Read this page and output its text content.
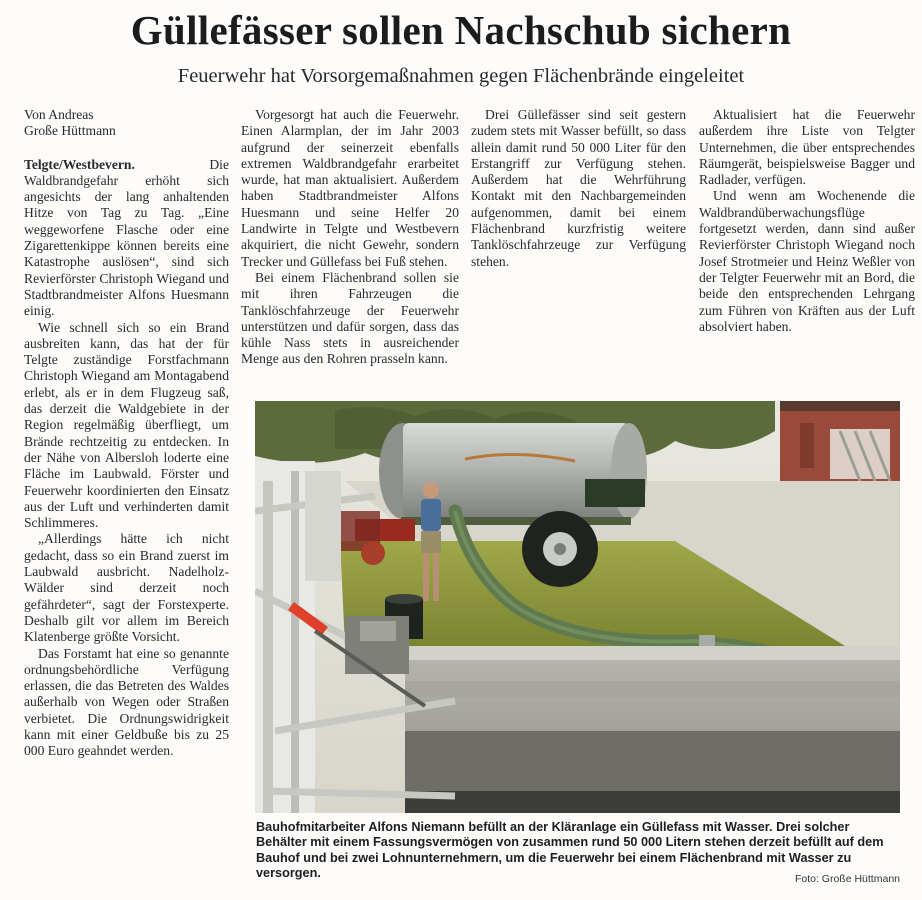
Güllefässer sollen Nachschub sichern
Feuerwehr hat Vorsorgemaßnahmen gegen Flächenbrände eingeleitet

Von Andreas
Große Hüttmann

Telgte/Westbevern. Die Waldbrandgefahr erhöht sich angesichts der lang anhaltenden Hitze von Tag zu Tag. „Eine weggeworfene Flasche oder eine Zigarettenkippe können bereits eine Katastrophe auslösen“, sind sich Revierförster Christoph Wiegand und Stadtbrandmeister Alfons Huesmann einig.

Wie schnell sich so ein Brand ausbreiten kann, das hat der für Telgte zuständige Forstfachmann Christoph Wiegand am Montagabend erlebt, als er in dem Flugzeug saß, das derzeit die Waldgebiete in der Region regelmäßig überfliegt, um Brände rechtzeitig zu entdecken. In der Nähe von Albersloh loderte eine Fläche im Laubwald. Förster und Feuerwehr koordinierten den Einsatz aus der Luft und verhinderten damit Schlimmeres.

„Allerdings hätte ich nicht gedacht, dass so ein Brand zuerst im Laubwald ausbricht. Nadelholz-Wälder sind derzeit noch gefährdeter“, sagt der Forstexperte. Deshalb gilt vor allem im Bereich Klatenberge größte Vorsicht.

Das Forstamt hat eine so genannte ordnungsbehördliche Verfügung erlassen, die das Betreten des Waldes außerhalb von Wegen oder Straßen verbietet. Die Ordnungswidrigkeit kann mit einer Geldbuße bis zu 25 000 Euro geahndet werden.

Vorgesorgt hat auch die Feuerwehr. Einen Alarmplan, der im Jahr 2003 aufgrund der seinerzeit ebenfalls extremen Waldbrandgefahr erarbeitet wurde, hat man aktualisiert. Außerdem haben Stadtbrandmeister Alfons Huesmann und seine Helfer 20 Landwirte in Telgte und Westbevern akquiriert, die nicht Gewehr, sondern Trecker und Güllefass bei Fuß stehen.

Bei einem Flächenbrand sollen sie mit ihren Fahrzeugen die Tanklöschfahrzeuge der Feuerwehr unterstützen und dafür sorgen, dass das kühle Nass stets in ausreichender Menge aus den Rohren prasseln kann.

Drei Güllefässer sind seit gestern zudem stets mit Wasser befüllt, so dass allein damit rund 50 000 Liter für den Erstangriff zur Verfügung stehen. Außerdem hat die Wehrführung Kontakt mit den Nachbargemeinden aufgenommen, damit bei einem Flächenbrand kurzfristig weitere Tanklöschfahrzeuge zur Verfügung stehen.

Aktualisiert hat die Feuerwehr außerdem ihre Liste von Telgter Unternehmen, die über entsprechendes Räumgerät, beispielsweise Bagger und Radlader, verfügen.

Und wenn am Wochenende die Waldbrandüberwachungsflüge fortgesetzt werden, dann sind außer Revierförster Christoph Wiegand noch Josef Strotmeier und Heinz Weßler von der Telgter Feuerwehr mit an Bord, die beide den entsprechenden Lehrgang zum Führen von Kräften aus der Luft absolviert haben.

Bauhofmitarbeiter Alfons Niemann befüllt an der Kläranlage ein Güllefass mit Wasser. Drei solcher Behälter mit einem Fassungsvermögen von zusammen rund 50 000 Litern stehen derzeit befüllt auf dem Bauhof und bei zwei Lohnunternehmern, um die Feuerwehr bei einem Flächenbrand mit Wasser zu versorgen.	Foto: Große Hüttmann
